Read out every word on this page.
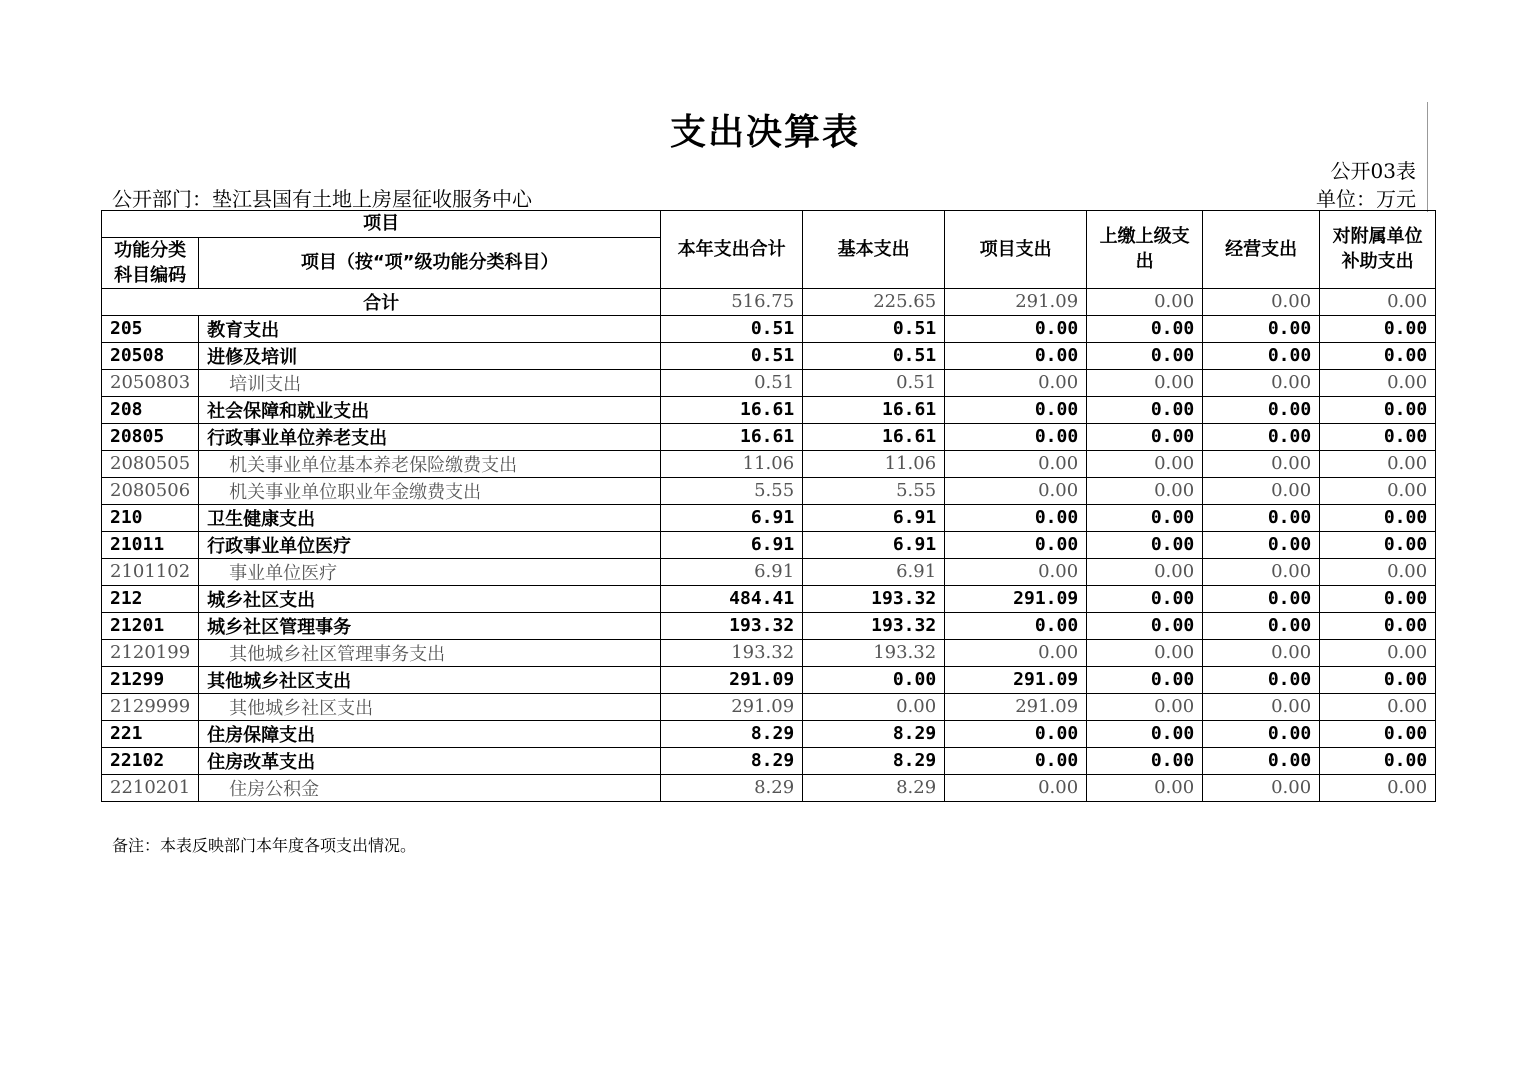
支出决算表
公开03表
公开部门：垫江县国有土地上房屋征收服务中心	单位：万元
项目		本年支出合计	基本支出	项目支出	上缴上级支出	经营支出	对附属单位补助支出
功能分类科目编码	项目（按“项”级功能分类科目）						
合计		516.75	225.65	291.09	0.00	0.00	0.00
205	教育支出	0.51	0.51	0.00	0.00	0.00	0.00
20508	进修及培训	0.51	0.51	0.00	0.00	0.00	0.00
2050803	培训支出	0.51	0.51	0.00	0.00	0.00	0.00
208	社会保障和就业支出	16.61	16.61	0.00	0.00	0.00	0.00
20805	行政事业单位养老支出	16.61	16.61	0.00	0.00	0.00	0.00
2080505	机关事业单位基本养老保险缴费支出	11.06	11.06	0.00	0.00	0.00	0.00
2080506	机关事业单位职业年金缴费支出	5.55	5.55	0.00	0.00	0.00	0.00
210	卫生健康支出	6.91	6.91	0.00	0.00	0.00	0.00
21011	行政事业单位医疗	6.91	6.91	0.00	0.00	0.00	0.00
2101102	事业单位医疗	6.91	6.91	0.00	0.00	0.00	0.00
212	城乡社区支出	484.41	193.32	291.09	0.00	0.00	0.00
21201	城乡社区管理事务	193.32	193.32	0.00	0.00	0.00	0.00
2120199	其他城乡社区管理事务支出	193.32	193.32	0.00	0.00	0.00	0.00
21299	其他城乡社区支出	291.09	0.00	291.09	0.00	0.00	0.00
2129999	其他城乡社区支出	291.09	0.00	291.09	0.00	0.00	0.00
221	住房保障支出	8.29	8.29	0.00	0.00	0.00	0.00
22102	住房改革支出	8.29	8.29	0.00	0.00	0.00	0.00
2210201	住房公积金	8.29	8.29	0.00	0.00	0.00	0.00
备注：本表反映部门本年度各项支出情况。
